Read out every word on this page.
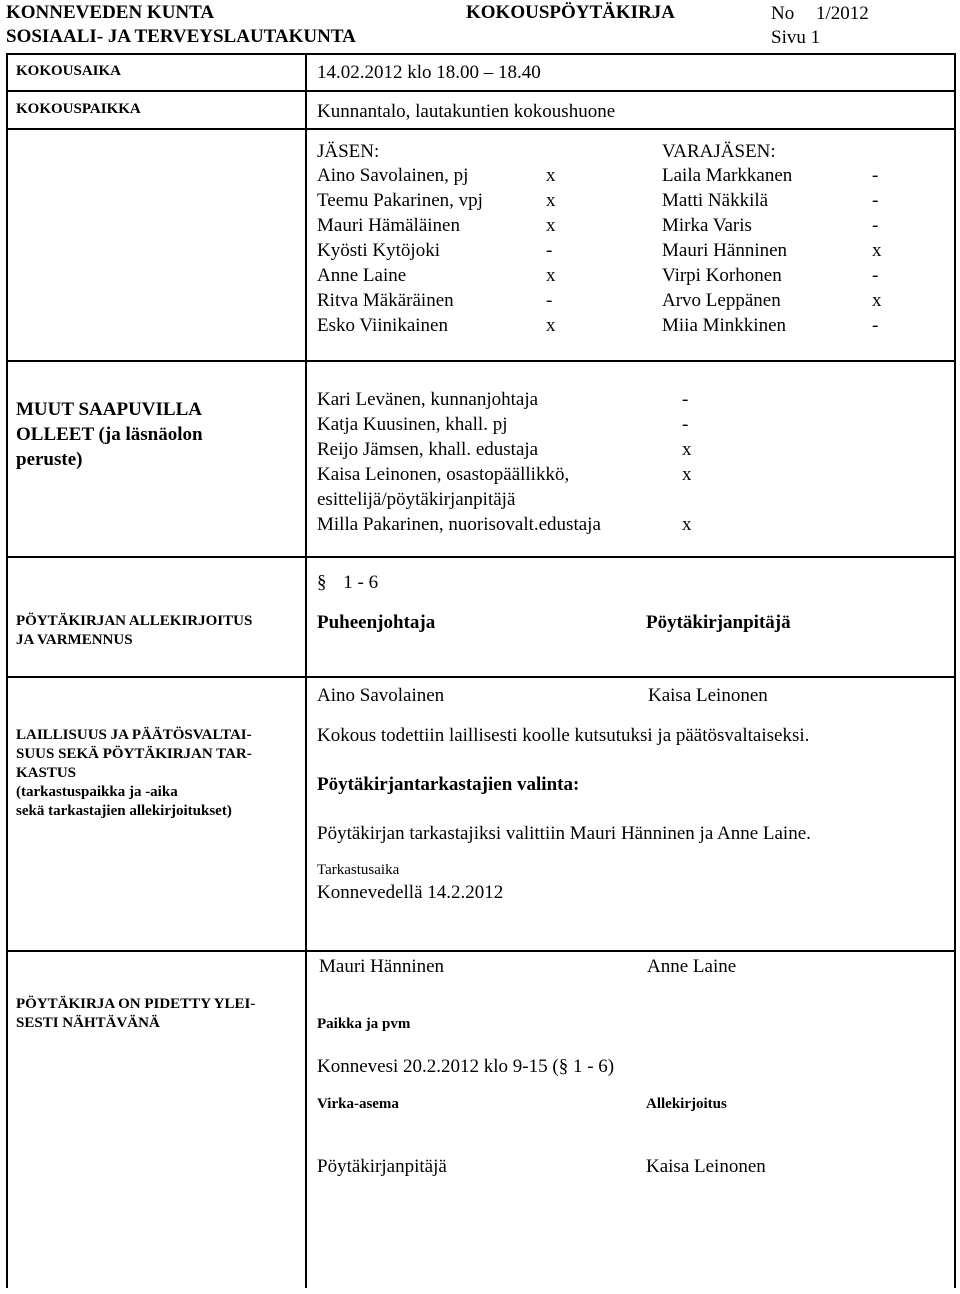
KONNEVEDEN KUNTA
SOSIAALI- JA TERVEYSLAUTAKUNTA
KOKOUSPÖYTÄKIRJA	No 1/2012
Sivu 1
KOKOUSAIKA	14.02.2012 klo 18.00 – 18.40
KOKOUSPAIKKA	Kunnantalo, lautakuntien kokoushuone
JÄSEN:	VARAJÄSEN:
Aino Savolainen, pj	x	Laila Markkanen	-
Teemu Pakarinen, vpj	x	Matti Näkkilä	-
Mauri Hämäläinen	x	Mirka Varis	-
Kyösti Kytöjoki	-	Mauri Hänninen	x
Anne Laine	x	Virpi Korhonen	-
Ritva Mäkäräinen	-	Arvo Leppänen	x
Esko Viinikainen	x	Miia Minkkinen	-
MUUT SAAPUVILLA
OLLEET (ja läsnäolon
peruste)
Kari Levänen, kunnanjohtaja	-
Katja Kuusinen, khall. pj	-
Reijo Jämsen, khall. edustaja	x
Kaisa Leinonen, osastopäällikkö,	x
esittelijä/pöytäkirjanpitäjä
Milla Pakarinen, nuorisovalt.edustaja	x
§ 1 - 6
PÖYTÄKIRJAN ALLEKIRJOITUS
JA VARMENNUS
Puheenjohtaja	Pöytäkirjanpitäjä
Aino Savolainen	Kaisa Leinonen
LAILLISUUS JA PÄÄTÖSVALTAI-
SUUS SEKÄ PÖYTÄKIRJAN TAR-
KASTUS
(tarkastuspaikka ja -aika
sekä tarkastajien allekirjoitukset)
Kokous todettiin laillisesti koolle kutsutuksi ja päätösvaltaiseksi.
Pöytäkirjantarkastajien valinta:
Pöytäkirjan tarkastajiksi valittiin Mauri Hänninen ja Anne Laine.
Tarkastusaika
Konnevedellä 14.2.2012
Mauri Hänninen	Anne Laine
PÖYTÄKIRJA ON PIDETTY YLEI-
SESTI NÄHTÄVÄNÄ	Paikka ja pvm
Konnevesi 20.2.2012 klo 9-15 (§ 1 - 6)
Virka-asema	Allekirjoitus
Pöytäkirjanpitäjä	Kaisa Leinonen
